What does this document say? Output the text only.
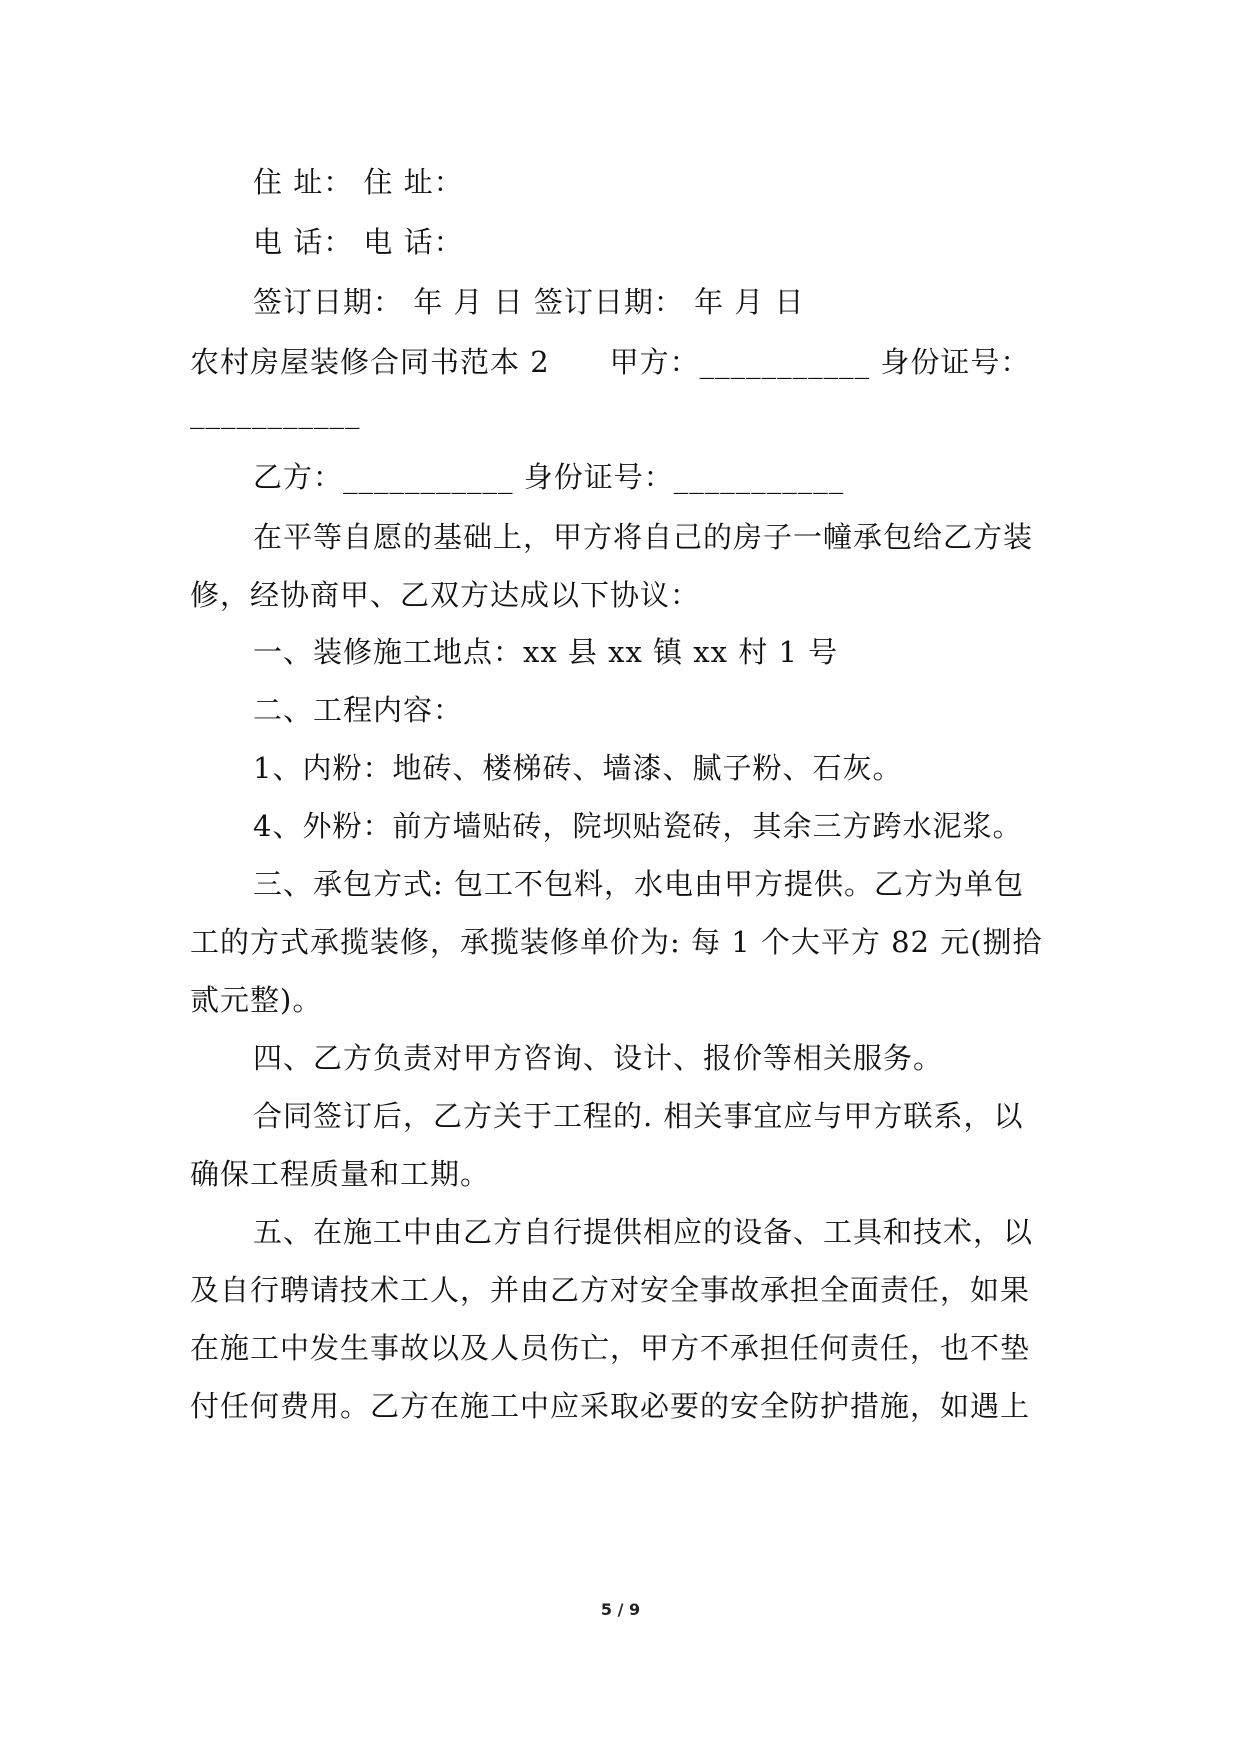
住 址： 住 址：
电 话： 电 话：
签订日期： 年 月 日 签订日期： 年 月 日
农村房屋装修合同书范本 2　　甲方：___________ 身份证号：
___________
乙方：___________ 身份证号：___________
在平等自愿的基础上，甲方将自己的房子一幢承包给乙方装
修，经协商甲、乙双方达成以下协议：
一、装修施工地点：xx 县 xx 镇 xx 村 1 号
二、工程内容：
1、内粉：地砖、楼梯砖、墙漆、腻子粉、石灰。
4、外粉：前方墙贴砖，院坝贴瓷砖，其余三方跨水泥浆。
三、承包方式: 包工不包料，水电由甲方提供。乙方为单包
工的方式承揽装修，承揽装修单价为: 每 1 个大平方 82 元(捌拾
贰元整)。
四、乙方负责对甲方咨询、设计、报价等相关服务。
合同签订后，乙方关于工程的. 相关事宜应与甲方联系，以
确保工程质量和工期。
五、在施工中由乙方自行提供相应的设备、工具和技术，以
及自行聘请技术工人，并由乙方对安全事故承担全面责任，如果
在施工中发生事故以及人员伤亡，甲方不承担任何责任，也不垫
付任何费用。乙方在施工中应采取必要的安全防护措施，如遇上
5 / 9
